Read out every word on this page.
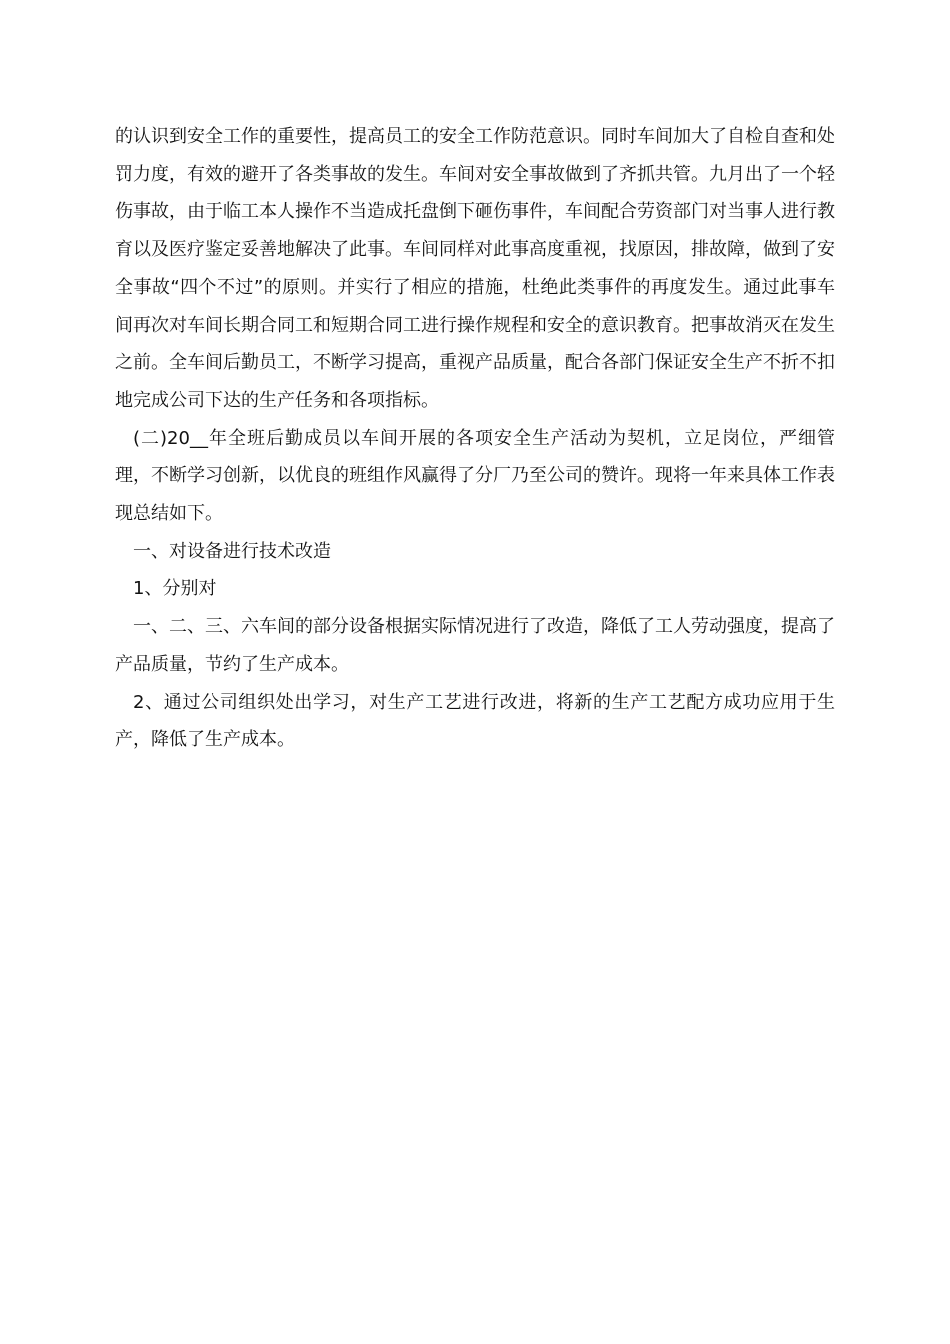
的认识到安全工作的重要性，提高员工的安全工作防范意识。同时车间加大了自检自查和处罚力度，有效的避开了各类事故的发生。车间对安全事故做到了齐抓共管。九月出了一个轻伤事故，由于临工本人操作不当造成托盘倒下砸伤事件，车间配合劳资部门对当事人进行教育以及医疗鉴定妥善地解决了此事。车间同样对此事高度重视，找原因，排故障，做到了安全事故“四个不过”的原则。并实行了相应的措施，杜绝此类事件的再度发生。通过此事车间再次对车间长期合同工和短期合同工进行操作规程和安全的意识教育。把事故消灭在发生之前。全车间后勤员工，不断学习提高，重视产品质量，配合各部门保证安全生产不折不扣地完成公司下达的生产任务和各项指标。

(二)20__年全班后勤成员以车间开展的各项安全生产活动为契机，立足岗位，严细管理，不断学习创新，以优良的班组作风赢得了分厂乃至公司的赞许。现将一年来具体工作表现总结如下。

一、对设备进行技术改造

1、分别对

一、二、三、六车间的部分设备根据实际情况进行了改造，降低了工人劳动强度，提高了产品质量，节约了生产成本。

2、通过公司组织处出学习，对生产工艺进行改进，将新的生产工艺配方成功应用于生产，降低了生产成本。
